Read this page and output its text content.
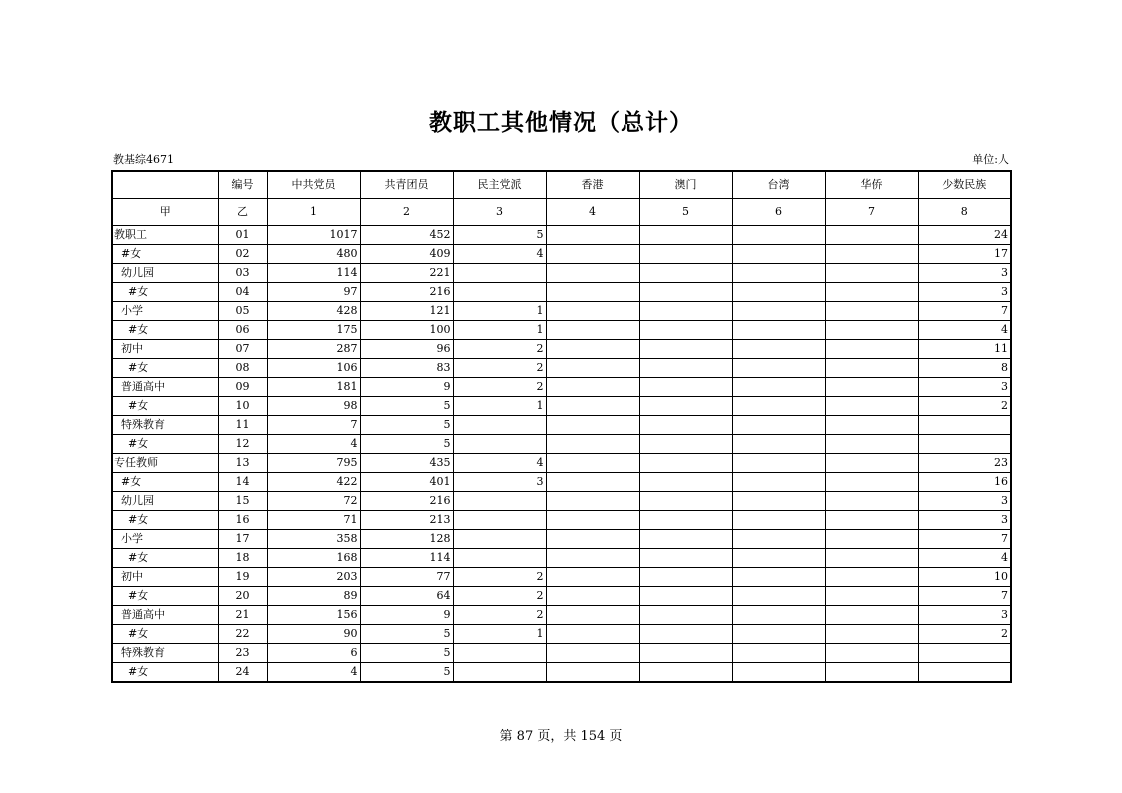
教职工其他情况（总计）
教基综4671	单位:人
	编号	中共党员	共青团员	民主党派	香港	澳门	台湾	华侨	少数民族
甲	乙	1	2	3	4	5	6	7	8
教职工	01	1017	452	5					24
#女	02	480	409	4					17
幼儿园	03	114	221						3
#女	04	97	216						3
小学	05	428	121	1					7
#女	06	175	100	1					4
初中	07	287	96	2					11
#女	08	106	83	2					8
普通高中	09	181	9	2					3
#女	10	98	5	1					2
特殊教育	11	7	5						
#女	12	4	5						
专任教师	13	795	435	4					23
#女	14	422	401	3					16
幼儿园	15	72	216						3
#女	16	71	213						3
小学	17	358	128						7
#女	18	168	114						4
初中	19	203	77	2					10
#女	20	89	64	2					7
普通高中	21	156	9	2					3
#女	22	90	5	1					2
特殊教育	23	6	5						
#女	24	4	5						
第 87 页，共 154 页
